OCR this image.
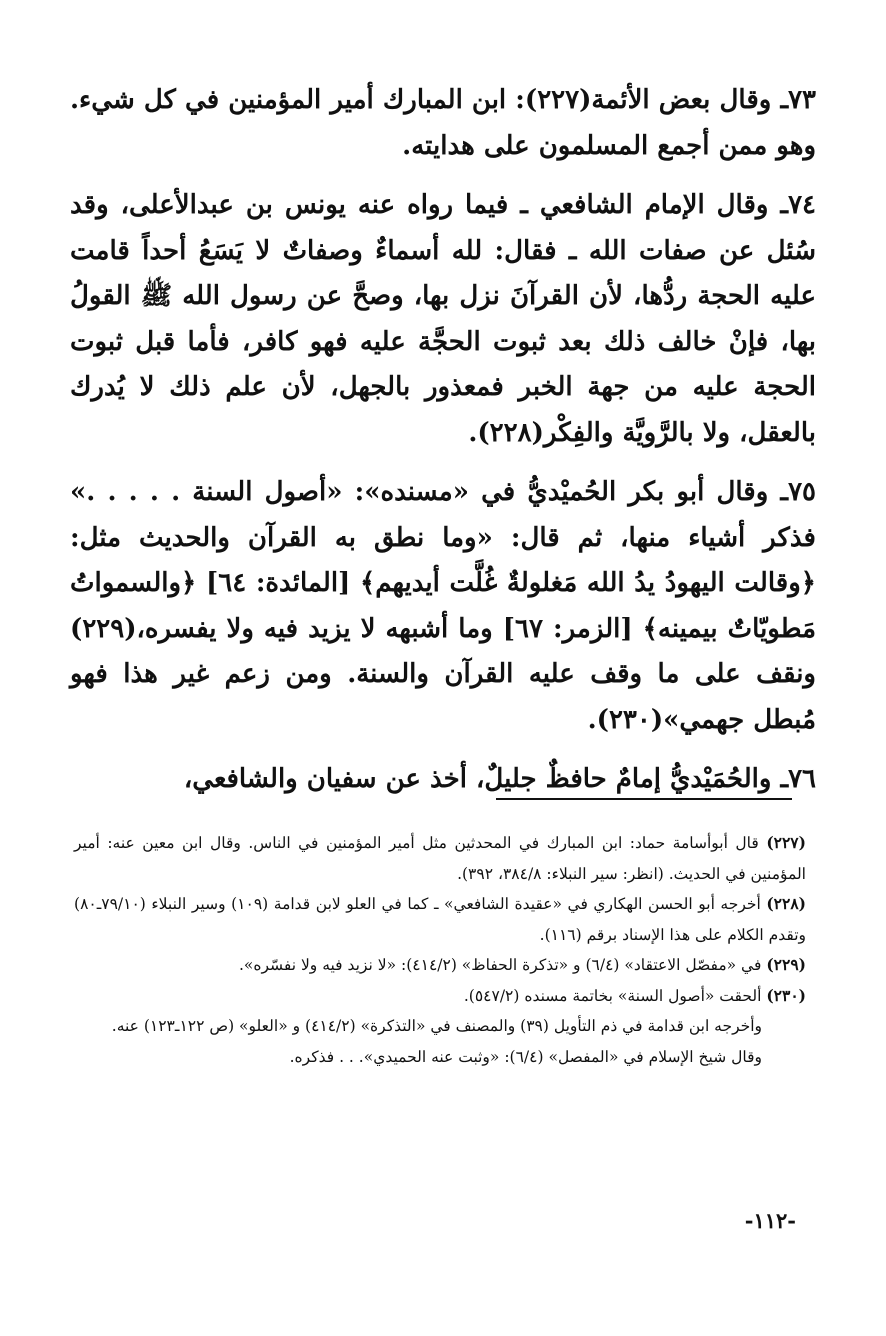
٧٣ـ وقال بعض الأئمة(٢٢٧): ابن المبارك أمير المؤمنين في كل شيء. وهو ممن أجمع المسلمون على هدايته.

٧٤ـ وقال الإمام الشافعي ـ فيما رواه عنه يونس بن عبدالأعلى، وقد سُئل عن صفات الله ـ فقال: لله أسماءٌ وصفاتٌ لا يَسَعُ أحداً قامت عليه الحجة ردُّها، لأن القرآنَ نزل بها، وصحَّ عن رسول الله ﷺ القولُ بها، فإنْ خالف ذلك بعد ثبوت الحجَّة عليه فهو كافر، فأما قبل ثبوت الحجة عليه من جهة الخبر فمعذور بالجهل، لأن علم ذلك لا يُدرك بالعقل، ولا بالرَّويَّة والفِكْر(٢٢٨).

٧٥ـ وقال أبو بكر الحُميْديُّ في «مسنده»: «أصول السنة . . . . .» فذكر أشياء منها، ثم قال: «وما نطق به القرآن والحديث مثل: ﴿وقالت اليهودُ يدُ الله مَغلولةٌ غُلَّت أيديهم﴾ [المائدة: ٦٤] ﴿والسمواتُ مَطويّاتٌ بيمينه﴾ [الزمر: ٦٧] وما أشبهه لا يزيد فيه ولا يفسره،(٢٢٩) ونقف على ما وقف عليه القرآن والسنة. ومن زعم غير هذا فهو مُبطل جهمي»(٢٣٠).

٧٦ـ والحُمَيْديُّ إمامٌ حافظٌ جليلٌ، أخذ عن سفيان والشافعي،

(٢٢٧) قال أبوأسامة حماد: ابن المبارك في المحدثين مثل أمير المؤمنين في الناس. وقال ابن معين عنه: أمير المؤمنين في الحديث. (انظر: سير النبلاء: ٣٨٤/٨، ٣٩٢).

(٢٢٨) أخرجه أبو الحسن الهكاري في «عقيدة الشافعي» ـ كما في العلو لابن قدامة (١٠٩) وسير النبلاء (٧٩/١٠ـ٨٠) وتقدم الكلام على هذا الإسناد برقم (١١٦).

(٢٢٩) في «مفصّل الاعتقاد» (٦/٤) و «تذكرة الحفاظ» (٤١٤/٢): «لا نزيد فيه ولا نفسّره».

(٢٣٠) ألحقت «أصول السنة» بخاتمة مسنده (٥٤٧/٢).

وأخرجه ابن قدامة في ذم التأويل (٣٩) والمصنف في «التذكرة» (٤١٤/٢) و «العلو» (ص ١٢٢ـ١٢٣) عنه.

وقال شيخ الإسلام في «المفصل» (٦/٤): «وثبت عنه الحميدي». . . فذكره.

-١١٢-
